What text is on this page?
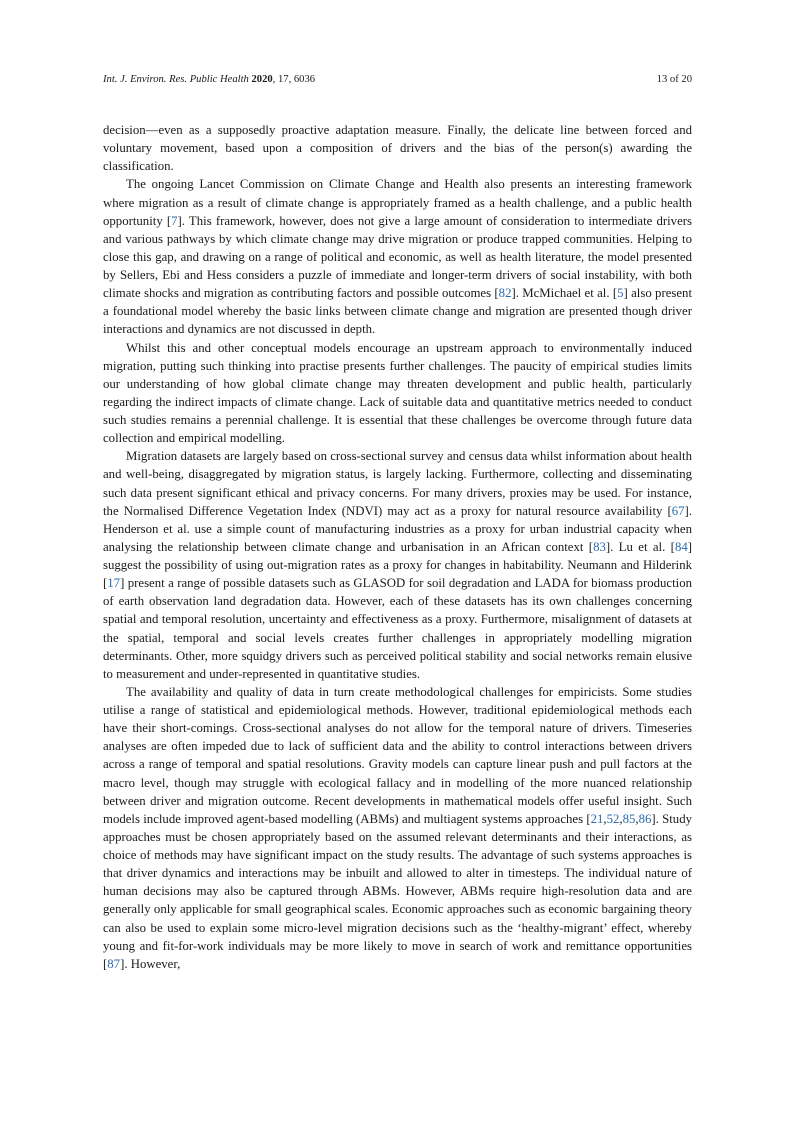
Int. J. Environ. Res. Public Health 2020, 17, 6036	13 of 20

decision—even as a supposedly proactive adaptation measure. Finally, the delicate line between forced and voluntary movement, based upon a composition of drivers and the bias of the person(s) awarding the classification.

The ongoing Lancet Commission on Climate Change and Health also presents an interesting framework where migration as a result of climate change is appropriately framed as a health challenge, and a public health opportunity [7]. This framework, however, does not give a large amount of consideration to intermediate drivers and various pathways by which climate change may drive migration or produce trapped communities. Helping to close this gap, and drawing on a range of political and economic, as well as health literature, the model presented by Sellers, Ebi and Hess considers a puzzle of immediate and longer-term drivers of social instability, with both climate shocks and migration as contributing factors and possible outcomes [82]. McMichael et al. [5] also present a foundational model whereby the basic links between climate change and migration are presented though driver interactions and dynamics are not discussed in depth.

Whilst this and other conceptual models encourage an upstream approach to environmentally induced migration, putting such thinking into practise presents further challenges. The paucity of empirical studies limits our understanding of how global climate change may threaten development and public health, particularly regarding the indirect impacts of climate change. Lack of suitable data and quantitative metrics needed to conduct such studies remains a perennial challenge. It is essential that these challenges be overcome through future data collection and empirical modelling.

Migration datasets are largely based on cross-sectional survey and census data whilst information about health and well-being, disaggregated by migration status, is largely lacking. Furthermore, collecting and disseminating such data present significant ethical and privacy concerns. For many drivers, proxies may be used. For instance, the Normalised Difference Vegetation Index (NDVI) may act as a proxy for natural resource availability [67]. Henderson et al. use a simple count of manufacturing industries as a proxy for urban industrial capacity when analysing the relationship between climate change and urbanisation in an African context [83]. Lu et al. [84] suggest the possibility of using out-migration rates as a proxy for changes in habitability. Neumann and Hilderink [17] present a range of possible datasets such as GLASOD for soil degradation and LADA for biomass production of earth observation land degradation data. However, each of these datasets has its own challenges concerning spatial and temporal resolution, uncertainty and effectiveness as a proxy. Furthermore, misalignment of datasets at the spatial, temporal and social levels creates further challenges in appropriately modelling migration determinants. Other, more squidgy drivers such as perceived political stability and social networks remain elusive to measurement and under-represented in quantitative studies.

The availability and quality of data in turn create methodological challenges for empiricists. Some studies utilise a range of statistical and epidemiological methods. However, traditional epidemiological methods each have their short-comings. Cross-sectional analyses do not allow for the temporal nature of drivers. Timeseries analyses are often impeded due to lack of sufficient data and the ability to control interactions between drivers across a range of temporal and spatial resolutions. Gravity models can capture linear push and pull factors at the macro level, though may struggle with ecological fallacy and in modelling of the more nuanced relationship between driver and migration outcome. Recent developments in mathematical models offer useful insight. Such models include improved agent-based modelling (ABMs) and multiagent systems approaches [21,52,85,86]. Study approaches must be chosen appropriately based on the assumed relevant determinants and their interactions, as choice of methods may have significant impact on the study results. The advantage of such systems approaches is that driver dynamics and interactions may be inbuilt and allowed to alter in timesteps. The individual nature of human decisions may also be captured through ABMs. However, ABMs require high-resolution data and are generally only applicable for small geographical scales. Economic approaches such as economic bargaining theory can also be used to explain some micro-level migration decisions such as the ‘healthy-migrant’ effect, whereby young and fit-for-work individuals may be more likely to move in search of work and remittance opportunities [87]. However,
